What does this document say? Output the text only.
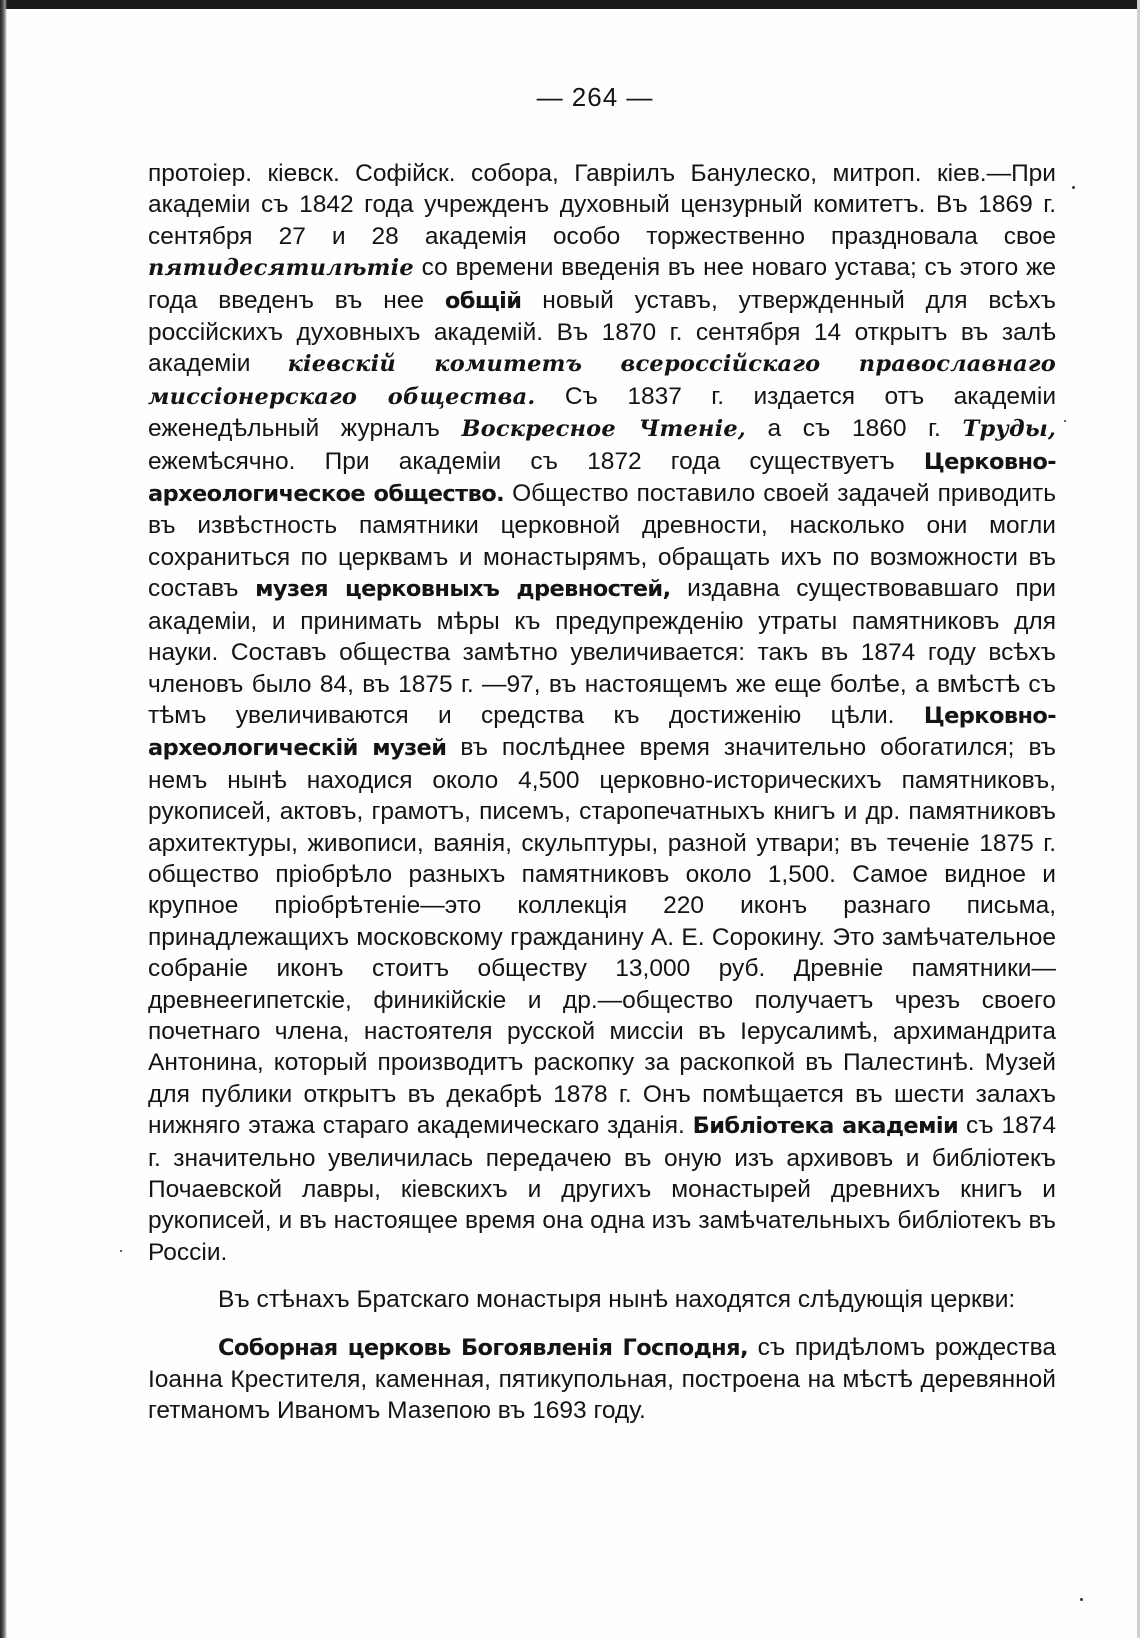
— 264 —

протоіер. кіевск. Софійск. собора, Гавріилъ Банулеско, митроп. кіев.—При академіи съ 1842 года учрежденъ духовный цензурный комитетъ. Въ 1869 г. сентября 27 и 28 академія особо торжественно праздновала свое пятидесятилѣтіе со времени введенія въ нее новаго устава; съ этого же года введенъ въ нее общій новый уставъ, утвержденный для всѣхъ россійскихъ духовныхъ академій. Въ 1870 г. сентября 14 открытъ въ залѣ академіи кіевскій комитетъ всероссійскаго православнаго миссіонерскаго общества. Съ 1837 г. издается отъ академіи еженедѣльный журналъ Воскресное Чтеніе, а съ 1860 г. Труды, ежемѣсячно. При академіи съ 1872 года существуетъ Церковно-археологическое общество. Общество поставило своей задачей приводить въ извѣстность памятники церковной древности, насколько они могли сохраниться по церквамъ и монастырямъ, обращать ихъ по возможности въ составъ музея церковныхъ древностей, издавна существовавшаго при академіи, и принимать мѣры къ предупрежденію утраты памятниковъ для науки. Составъ общества замѣтно увеличивается: такъ въ 1874 году всѣхъ членовъ было 84, въ 1875 г. —97, въ настоящемъ же еще болѣе, а вмѣстѣ съ тѣмъ увеличиваются и средства къ достиженію цѣли. Церковно-археологическій музей въ послѣднее время значительно обогатился; въ немъ нынѣ находися около 4,500 церковно-историческихъ памятниковъ, рукописей, актовъ, грамотъ, писемъ, старопечатныхъ книгъ и др. памятниковъ архитектуры, живописи, ваянія, скульптуры, разной утвари; въ теченіе 1875 г. общество пріобрѣло разныхъ памятниковъ около 1,500. Самое видное и крупное пріобрѣтеніе—это коллекція 220 иконъ разнаго письма, принадлежащихъ московскому гражданину А. Е. Сорокину. Это замѣчательное собраніе иконъ стоитъ обществу 13,000 руб. Древніе памятники—древнеегипетскіе, финикійскіе и др.—общество получаетъ чрезъ своего почетнаго члена, настоятеля русской миссіи въ Іерусалимѣ, архимандрита Антонина, который производитъ раскопку за раскопкой въ Палестинѣ. Музей для публики открытъ въ декабрѣ 1878 г. Онъ помѣщается въ шести залахъ нижняго этажа стараго академическаго зданія. Библіотека академіи съ 1874 г. значительно увеличилась передачею въ оную изъ архивовъ и библіотекъ Почаевской лавры, кіевскихъ и другихъ монастырей древнихъ книгъ и рукописей, и въ настоящее время она одна изъ замѣчательныхъ библіотекъ въ Россіи.

Въ стѣнахъ Братскаго монастыря нынѣ находятся слѣдующія церкви:

Соборная церковь Богоявленія Господня, съ придѣломъ рождества Іоанна Крестителя, каменная, пятикупольная, построена на мѣстѣ деревянной гетманомъ Иваномъ Мазепою въ 1693 году.
